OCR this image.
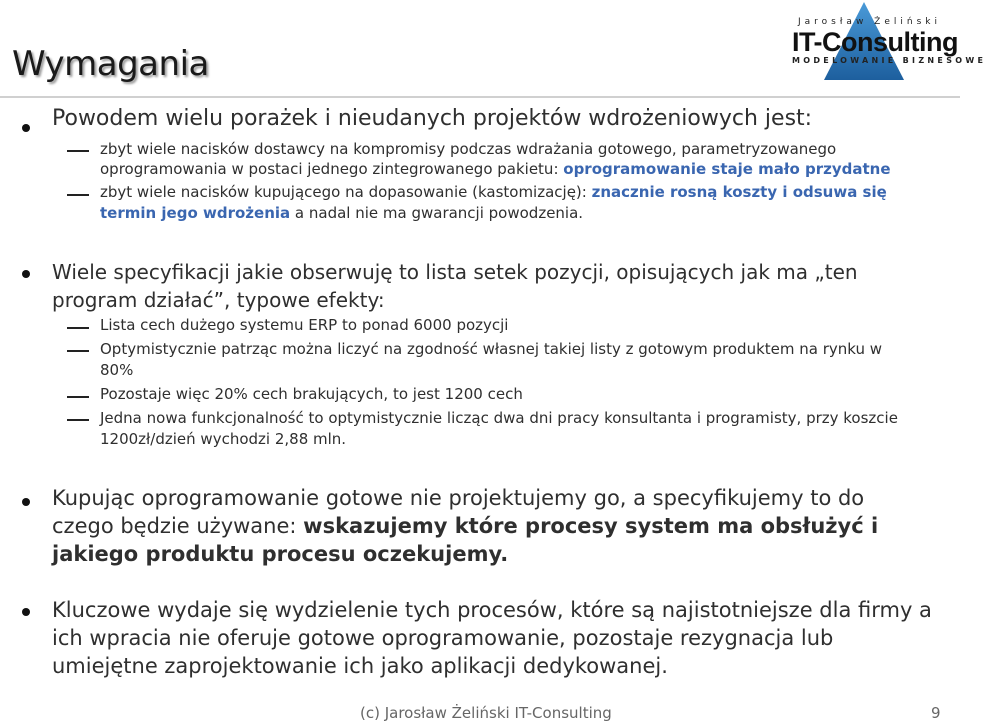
Wymagania
Jarosław Żeliński
IT-Consulting
MODELOWANIE BIZNESOWE
Powodem wielu porażek i nieudanych projektów wdrożeniowych jest:
zbyt wiele nacisków dostawcy na kompromisy podczas wdrażania gotowego, parametryzowanego oprogramowania w postaci jednego zintegrowanego pakietu: oprogramowanie staje mało przydatne
zbyt wiele nacisków kupującego na dopasowanie (kastomizację): znacznie rosną koszty i odsuwa się termin jego wdrożenia a nadal nie ma gwarancji powodzenia.
Wiele specyfikacji jakie obserwuję to lista setek pozycji, opisujących jak ma „ten program działać”, typowe efekty:
Lista cech dużego systemu ERP to ponad 6000 pozycji
Optymistycznie patrząc można liczyć na zgodność własnej takiej listy z gotowym produktem na rynku w 80%
Pozostaje więc 20% cech brakujących, to jest 1200 cech
Jedna nowa funkcjonalność to optymistycznie licząc dwa dni pracy konsultanta i programisty, przy koszcie 1200zł/dzień wychodzi 2,88 mln.
Kupując oprogramowanie gotowe nie projektujemy go, a specyfikujemy to do czego będzie używane: wskazujemy które procesy system ma obsłużyć i jakiego produktu procesu oczekujemy.
Kluczowe wydaje się wydzielenie tych procesów, które są najistotniejsze dla firmy a ich wpracia nie oferuje gotowe oprogramowanie, pozostaje rezygnacja lub umiejętne zaprojektowanie ich jako aplikacji dedykowanej.
(c) Jarosław Żeliński IT-Consulting	9
